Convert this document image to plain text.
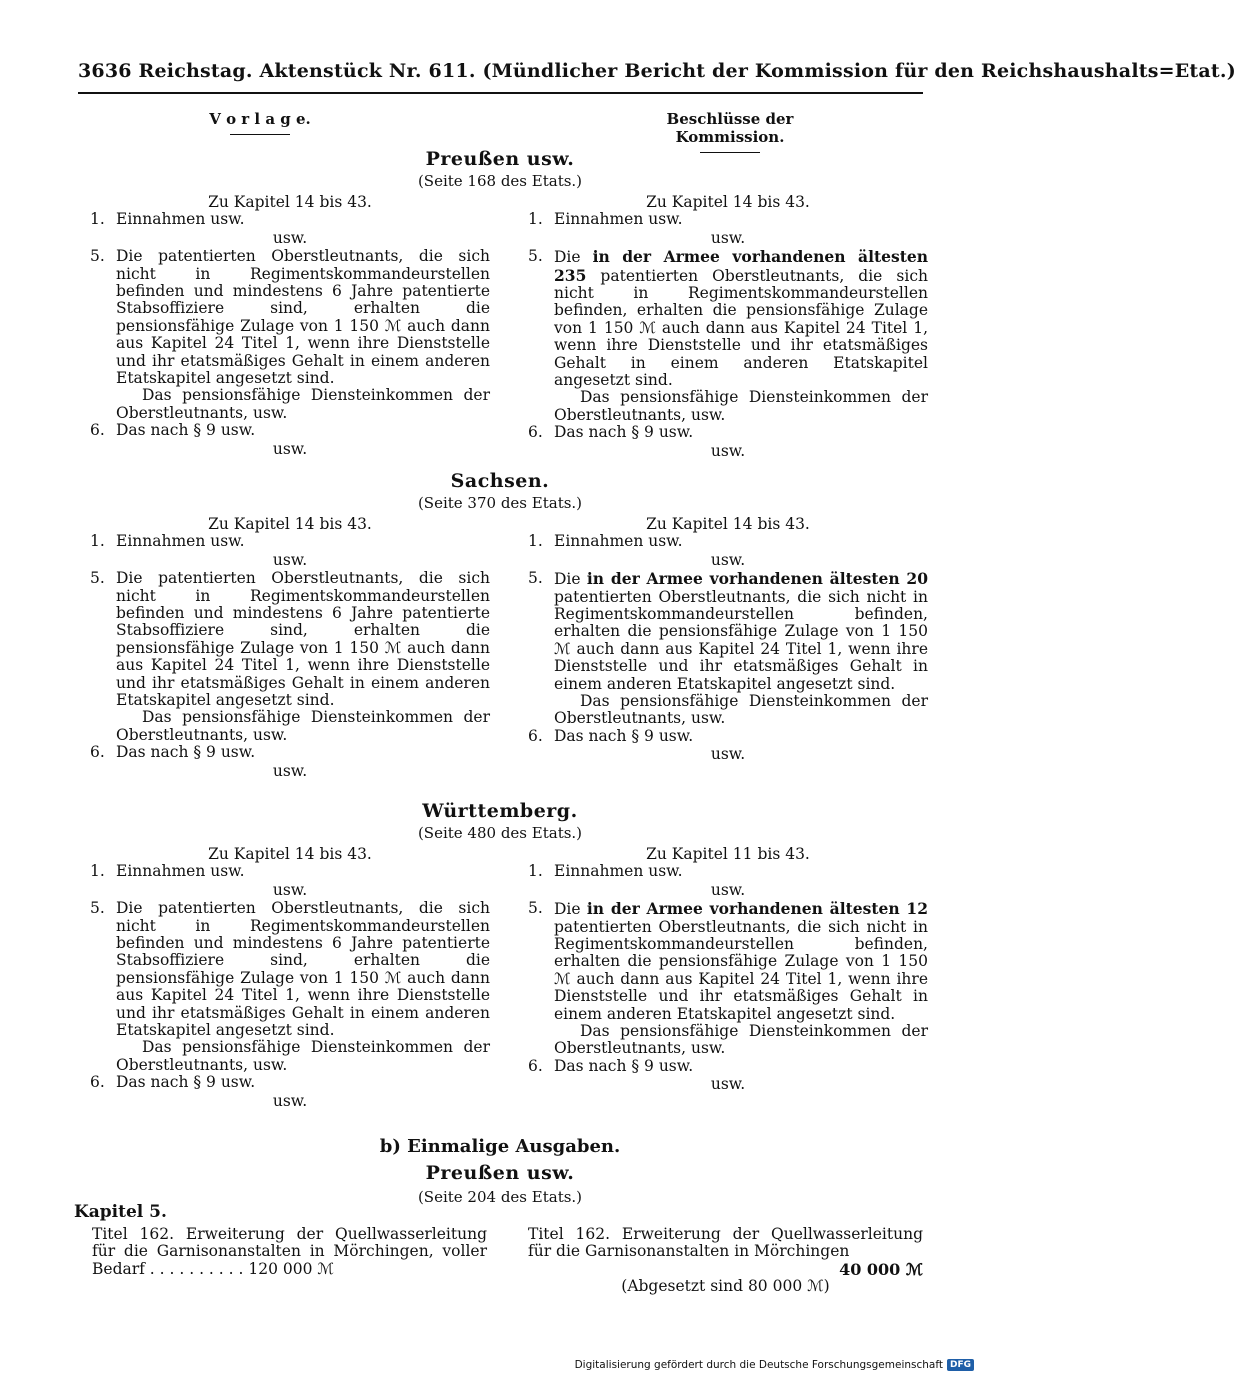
3636 Reichstag. Aktenstück Nr. 611. (Mündlicher Bericht der Kommission für den Reichshaushalts=Etat.)
V o r l a g e.	Beschlüsse der Kommission.
Preußen usw.
(Seite 168 des Etats.)
Zu Kapitel 14 bis 43.
1. Einnahmen usw.
usw.
5. Die patentierten Oberstleutnants, die sich nicht in Regimentskommandeurstellen befinden und mindestens 6 Jahre patentierte Stabsoffiziere sind, erhalten die pensionsfähige Zulage von 1 150 ℳ auch dann aus Kapitel 24 Titel 1, wenn ihre Dienststelle und ihr etatsmäßiges Gehalt in einem anderen Etatskapitel angesetzt sind.
Das pensionsfähige Diensteinkommen der Oberstleutnants, usw.
6. Das nach § 9 usw.
usw.
Zu Kapitel 14 bis 43.
1. Einnahmen usw.
usw.
5. Die in der Armee vorhandenen ältesten 235 patentierten Oberstleutnants, die sich nicht in Regimentskommandeurstellen befinden, erhalten die pensionsfähige Zulage von 1 150 ℳ auch dann aus Kapitel 24 Titel 1, wenn ihre Dienststelle und ihr etatsmäßiges Gehalt in einem anderen Etatskapitel angesetzt sind.
Das pensionsfähige Diensteinkommen der Oberstleutnants, usw.
6. Das nach § 9 usw.
usw.
Sachsen.
(Seite 370 des Etats.)
Zu Kapitel 14 bis 43.
1. Einnahmen usw.
usw.
5. Die patentierten Oberstleutnants, die sich nicht in Regimentskommandeurstellen befinden und mindestens 6 Jahre patentierte Stabsoffiziere sind, erhalten die pensionsfähige Zulage von 1 150 ℳ auch dann aus Kapitel 24 Titel 1, wenn ihre Dienststelle und ihr etatsmäßiges Gehalt in einem anderen Etatskapitel angesetzt sind.
Das pensionsfähige Diensteinkommen der Oberstleutnants, usw.
6. Das nach § 9 usw.
usw.
Zu Kapitel 14 bis 43.
1. Einnahmen usw.
usw.
5. Die in der Armee vorhandenen ältesten 20 patentierten Oberstleutnants, die sich nicht in Regimentskommandeurstellen befinden, erhalten die pensionsfähige Zulage von 1 150 ℳ auch dann aus Kapitel 24 Titel 1, wenn ihre Dienststelle und ihr etatsmäßiges Gehalt in einem anderen Etatskapitel angesetzt sind.
Das pensionsfähige Diensteinkommen der Oberstleutnants, usw.
6. Das nach § 9 usw.
usw.
Württemberg.
(Seite 480 des Etats.)
Zu Kapitel 14 bis 43.
1. Einnahmen usw.
usw.
5. Die patentierten Oberstleutnants, die sich nicht in Regimentskommandeurstellen befinden und mindestens 6 Jahre patentierte Stabsoffiziere sind, erhalten die pensionsfähige Zulage von 1 150 ℳ auch dann aus Kapitel 24 Titel 1, wenn ihre Dienststelle und ihr etatsmäßiges Gehalt in einem anderen Etatskapitel angesetzt sind.
Das pensionsfähige Diensteinkommen der Oberstleutnants, usw.
6. Das nach § 9 usw.
usw.
Zu Kapitel 11 bis 43.
1. Einnahmen usw.
usw.
5. Die in der Armee vorhandenen ältesten 12 patentierten Oberstleutnants, die sich nicht in Regimentskommandeurstellen befinden, erhalten die pensionsfähige Zulage von 1 150 ℳ auch dann aus Kapitel 24 Titel 1, wenn ihre Dienststelle und ihr etatsmäßiges Gehalt in einem anderen Etatskapitel angesetzt sind.
Das pensionsfähige Diensteinkommen der Oberstleutnants, usw.
6. Das nach § 9 usw.
usw.
b) Einmalige Ausgaben.
Preußen usw.
(Seite 204 des Etats.)
Kapitel 5.
Titel 162. Erweiterung der Quellwasserleitung für die Garnisonanstalten in Mörchingen, voller Bedarf . . . . . . . . . . 120 000 ℳ
Titel 162. Erweiterung der Quellwasserleitung für die Garnisonanstalten in Mörchingen
40 000 ℳ
(Abgesetzt sind 80 000 ℳ)
Digitalisierung gefördert durch die Deutsche Forschungsgemeinschaft DFG
